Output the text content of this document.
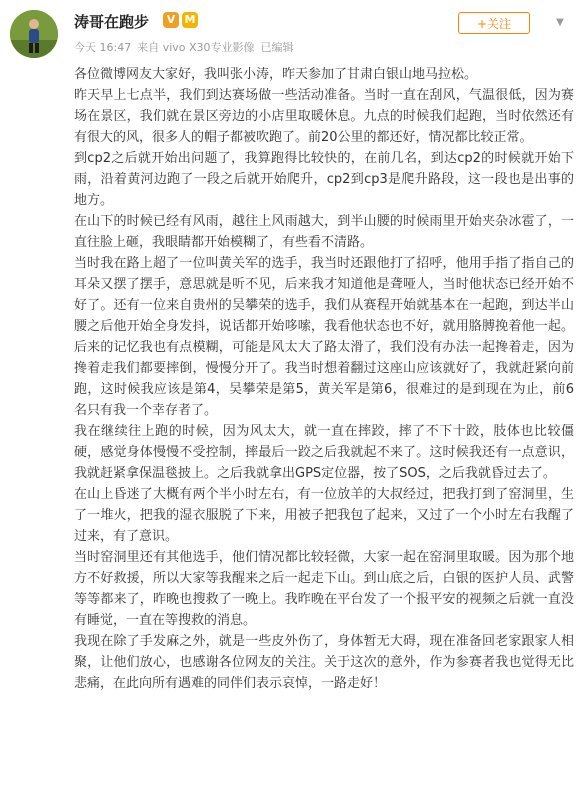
涛哥在跑步	V M
今天 16:47 来自 vivo X30专业影像 已编辑
+关注	▼

各位微博网友大家好，我叫张小涛，昨天参加了甘肃白银山地马拉松。

昨天早上七点半，我们到达赛场做一些活动准备。当时一直在刮风，气温很低，因为赛场在景区，我们就在景区旁边的小店里取暖休息。九点的时候我们起跑，当时依然还有有很大的风，很多人的帽子都被吹跑了。前20公里的都还好，情况都比较正常。

到cp2之后就开始出问题了，我算跑得比较快的，在前几名，到达cp2的时候就开始下雨，沿着黄河边跑了一段之后就开始爬升，cp2到cp3是爬升路段，这一段也是出事的地方。

在山下的时候已经有风雨，越往上风雨越大，到半山腰的时候雨里开始夹杂冰雹了，一直往脸上砸，我眼睛都开始模糊了，有些看不清路。

当时我在路上超了一位叫黄关军的选手，我当时还跟他打了招呼，他用手指了指自己的耳朵又摆了摆手，意思就是听不见，后来我才知道他是聋哑人，当时他状态已经开始不好了。还有一位来自贵州的吴攀荣的选手，我们从赛程开始就基本在一起跑，到达半山腰之后他开始全身发抖，说话都开始哆嗦，我看他状态也不好，就用胳膊挽着他一起。后来的记忆我也有点模糊，可能是风太大了路太滑了，我们没有办法一起搀着走，因为搀着走我们都要摔倒，慢慢分开了。我当时想着翻过这座山应该就好了，我就赶紧向前跑，这时候我应该是第4，吴攀荣是第5，黄关军是第6，很难过的是到现在为止，前6名只有我一个幸存者了。

我在继续往上跑的时候，因为风太大，就一直在摔跤，摔了不下十跤，肢体也比较僵硬，感觉身体慢慢不受控制，摔最后一跤之后我就起不来了。这时候我还有一点意识，我就赶紧拿保温毯披上。之后我就拿出GPS定位器，按了SOS，之后我就昏过去了。

在山上昏迷了大概有两个半小时左右，有一位放羊的大叔经过，把我打到了窑洞里，生了一堆火，把我的湿衣服脱了下来，用被子把我包了起来，又过了一个小时左右我醒了过来，有了意识。

当时窑洞里还有其他选手，他们情况都比较轻微，大家一起在窑洞里取暖。因为那个地方不好救援，所以大家等我醒来之后一起走下山。到山底之后，白银的医护人员、武警等等都来了，昨晚也搜救了一晚上。我昨晚在平台发了一个报平安的视频之后就一直没有睡觉，一直在等搜救的消息。

我现在除了手发麻之外，就是一些皮外伤了，身体暂无大碍，现在准备回老家跟家人相聚，让他们放心，也感谢各位网友的关注。关于这次的意外，作为参赛者我也觉得无比悲痛，在此向所有遇难的同伴们表示哀悼，一路走好！
